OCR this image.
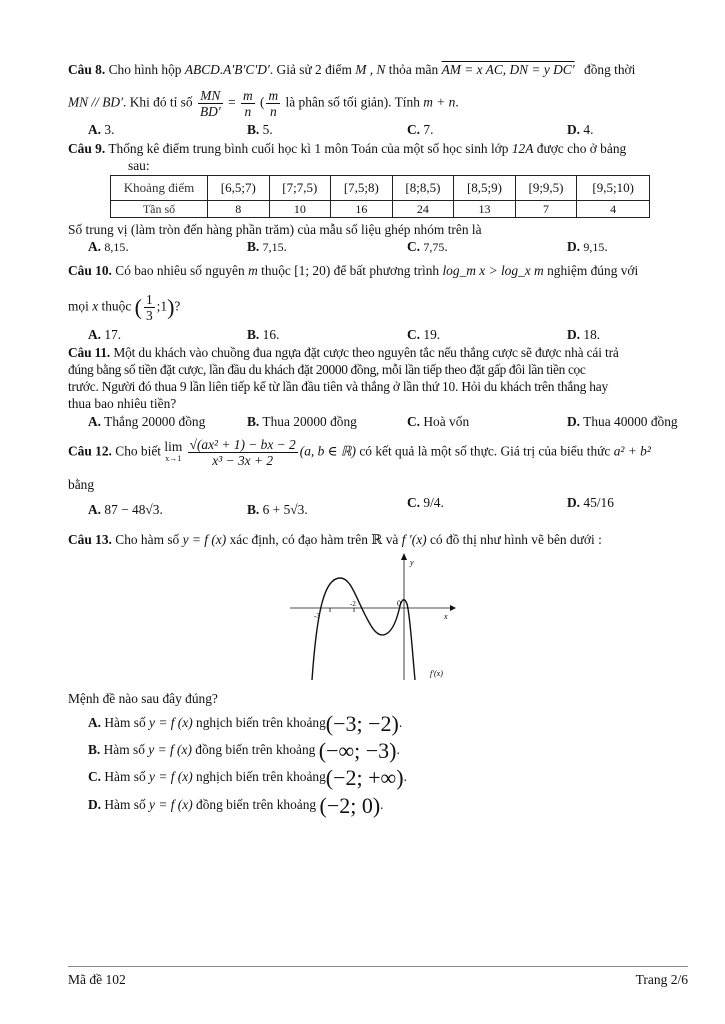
Câu 8. Cho hình hộp ABCD.A′B′C′D′. Giả sử 2 điểm M , N thỏa mãn AM = x AC, DN = y DC′ đồng thời
MN // BD′. Khi đó tỉ số $\frac{MN}{BD'} = \frac{m}{n}$ ( $\frac{m}{n}$ là phân số tối giản). Tính m + n.
A. 3.	B. 5.	C. 7.	D. 4.
Câu 9. Thống kê điểm trung bình cuối học kì 1 môn Toán của một số học sinh lớp 12A được cho ở bảng
sau:
Khoảng điểm	[6,5;7)	[7;7,5)	[7,5;8)	[8;8,5)	[8,5;9)	[9;9,5)	[9,5;10)
Tần số	8	10	16	24	13	7	4
Số trung vị (làm tròn đến hàng phần trăm) của mẫu số liệu ghép nhóm trên là
A. 8,15.	B. 7,15.	C. 7,75.	D. 9,15.
Câu 10. Có bao nhiêu số nguyên m thuộc [1; 20) để bất phương trình log_m x > log_x m nghiệm đúng với
mọi x thuộc ( $\frac{1}{3}$ ;1)?
A. 17.	B. 16.	C. 19.	D. 18.
Câu 11. Một du khách vào chuồng đua ngựa đặt cược theo nguyên tắc nếu thắng cược sẽ được nhà cái trả
đúng bằng số tiền đặt cược, lần đầu du khách đặt 20000 đồng, mỗi lần tiếp theo đặt gấp đôi lần tiền cọc
trước. Người đó thua 9 lần liên tiếp kể từ lần đầu tiên và thắng ở lần thứ 10. Hỏi du khách trên thắng hay
thua bao nhiêu tiền?
A. Thắng 20000 đồng	B. Thua 20000 đồng	C. Hoà vốn	D. Thua 40000 đồng
Câu 12. Cho biết lim
x→1
$\frac{\text{√(ax² + 1) − bx − 2}}{\text{x³ − 3x + 2}} (a$, b ∈ ℝ) có kết quả là một số thực. Giá trị của biểu thức a² + b²
bằng
A. 87 − 48√3.	B. 6 + 5√3.	C. 9/4.	D. 45/16
Câu 13. Cho hàm số y = f (x) xác định, có đạo hàm trên ℝ và f ′(x) có đồ thị như hình vẽ bên dưới :
y
x
0
-3
-2
f′(x)
Mệnh đề nào sau đây đúng?
A. Hàm số y = f (x) nghịch biến trên khoảng(−3; −2).
B. Hàm số y = f (x) đồng biến trên khoảng (−∞; −3).
C. Hàm số y = f (x) nghịch biến trên khoảng(−2; +∞).
D. Hàm số y = f (x) đồng biến trên khoảng (−2; 0).
Mã đề 102	Trang 2/6
